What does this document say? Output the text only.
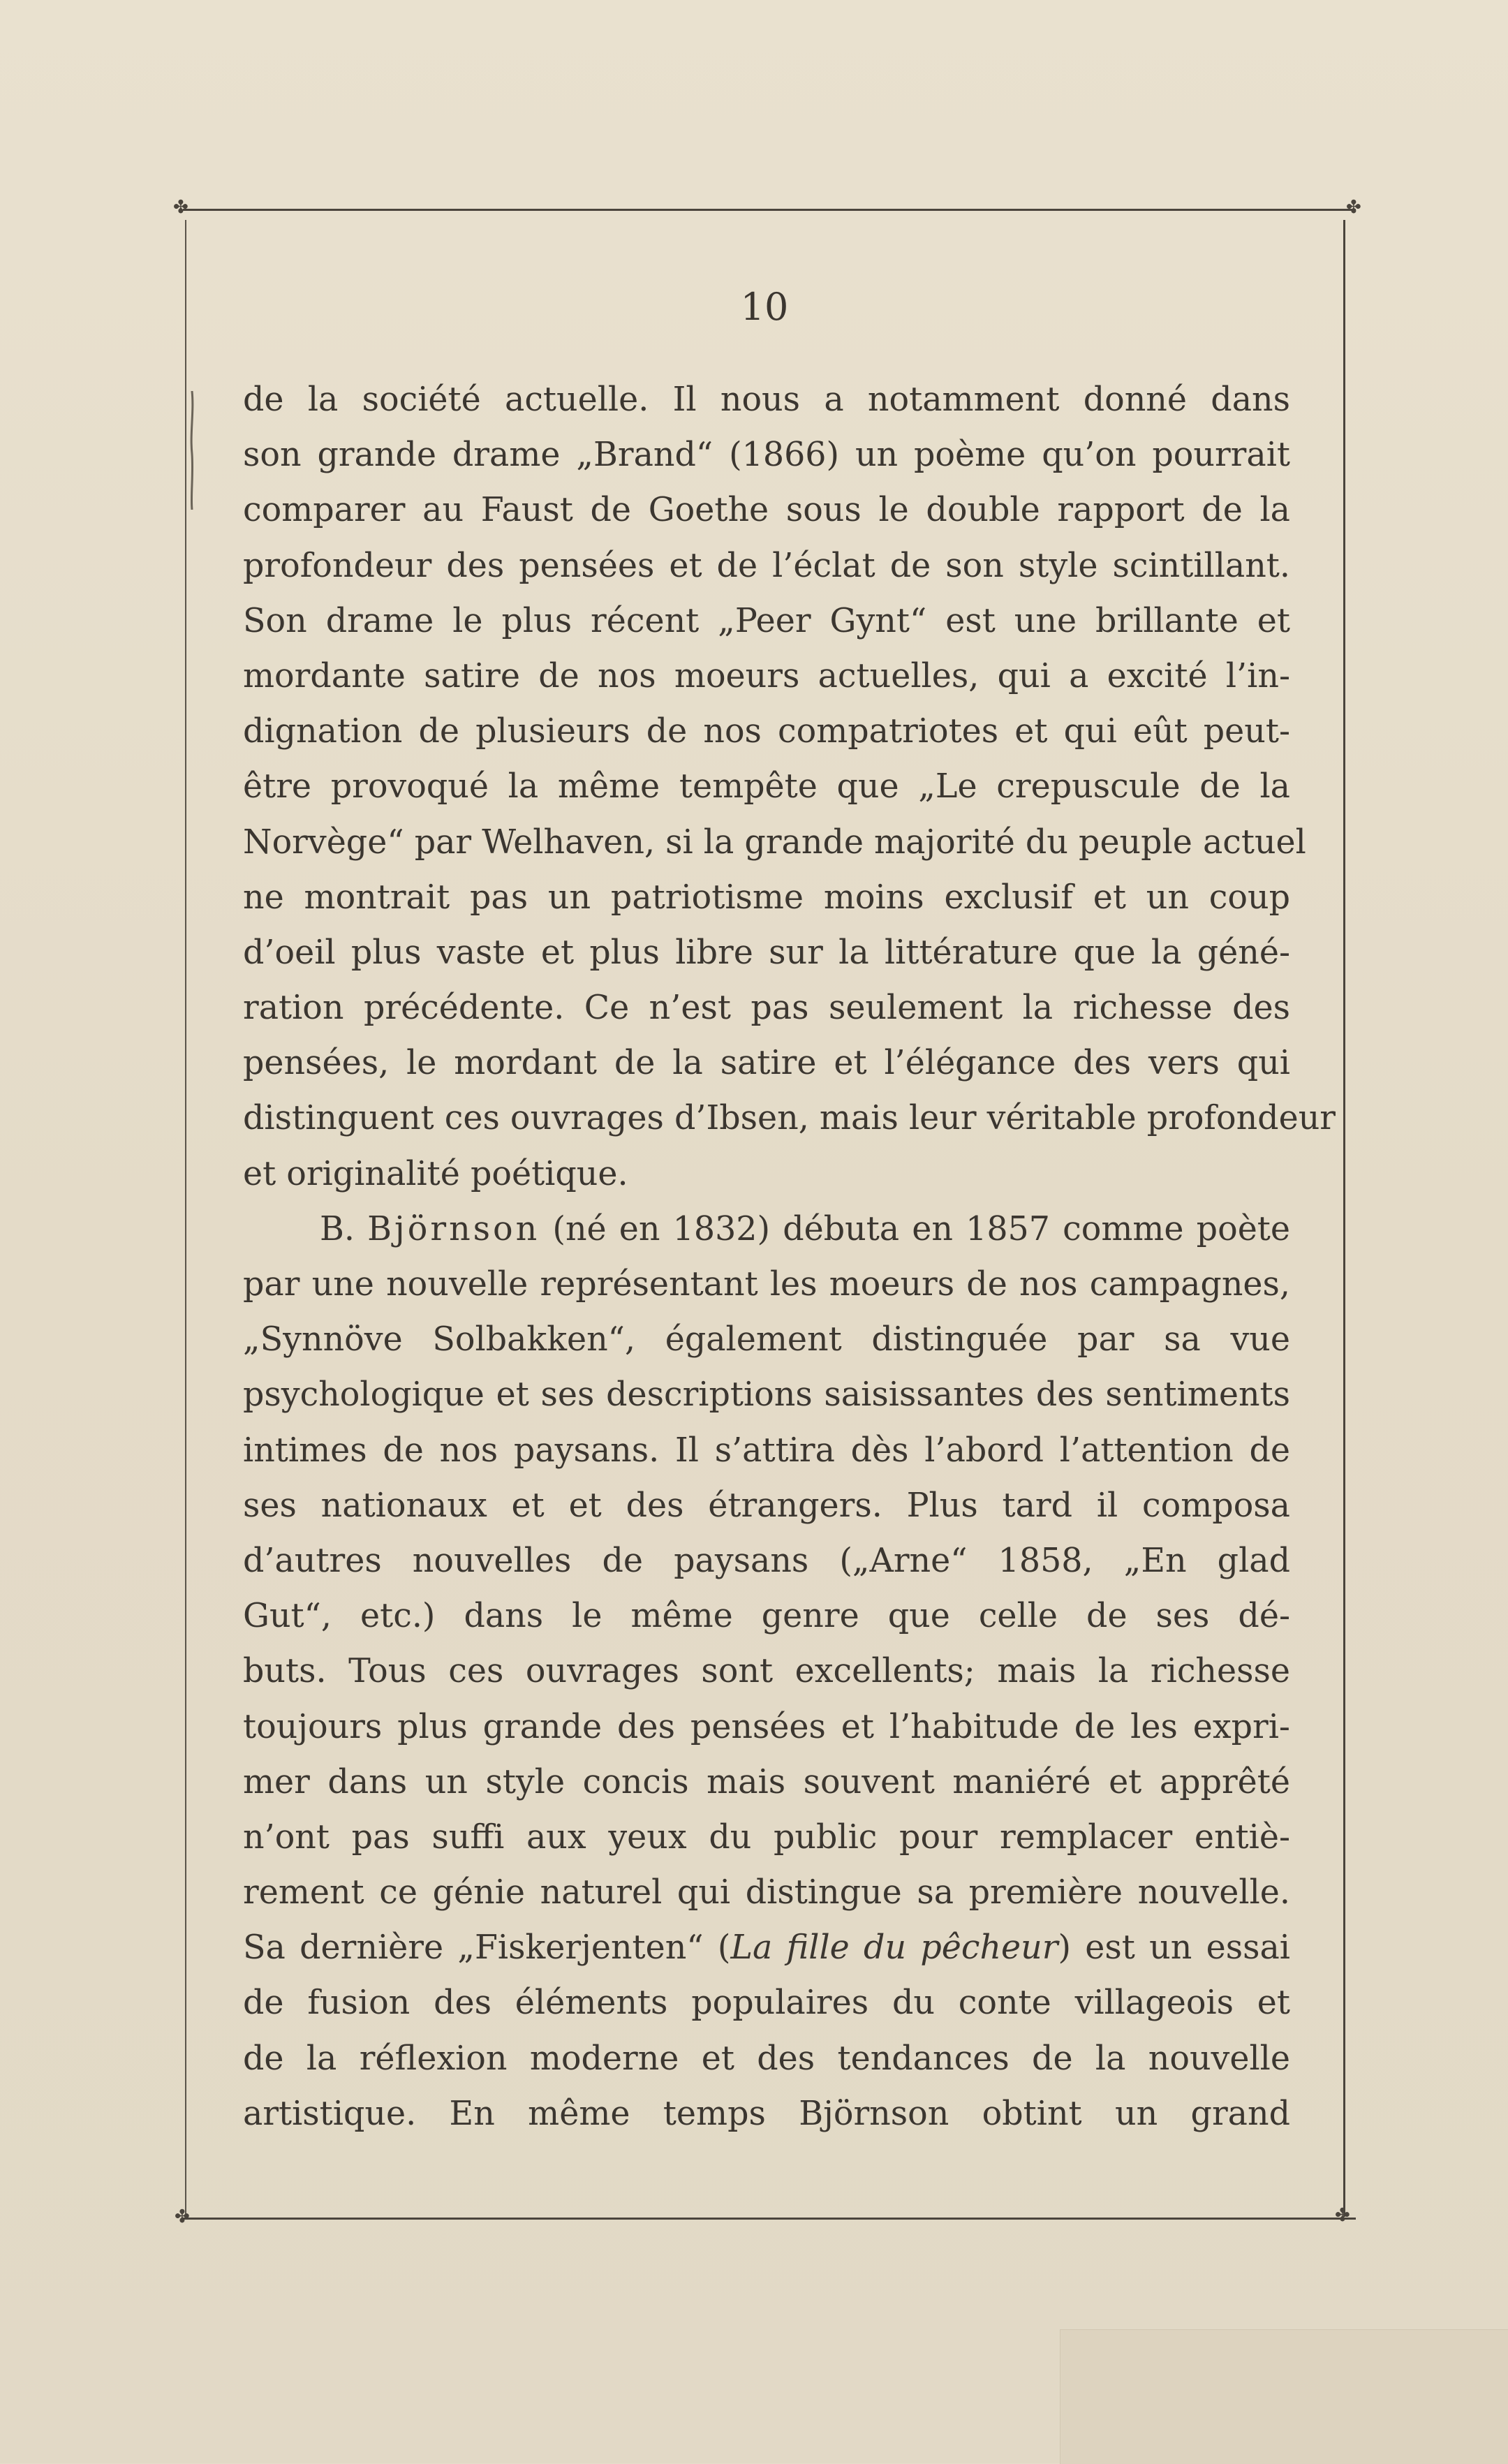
✤	✤
✤	✤
10
de la société actuelle. Il nous a notamment donné dans
son grande drame „Brand“ (1866) un poème qu’on pourrait
comparer au Faust de Goethe sous le double rapport de la
profondeur des pensées et de l’éclat de son style scintillant.
Son drame le plus récent „Peer Gynt“ est une brillante et
mordante satire de nos moeurs actuelles, qui a excité l’in-
dignation de plusieurs de nos compatriotes et qui eût peut-
être provoqué la même tempête que „Le crepuscule de la
Norvège“ par Welhaven, si la grande majorité du peuple actuel
ne montrait pas un patriotisme moins exclusif et un coup
d’oeil plus vaste et plus libre sur la littérature que la géné-
ration précédente. Ce n’est pas seulement la richesse des
pensées, le mordant de la satire et l’élégance des vers qui
distinguent ces ouvrages d’Ibsen, mais leur véritable profondeur
et originalité poétique.
B. Björnson (né en 1832) débuta en 1857 comme poète
par une nouvelle représentant les moeurs de nos campagnes,
„Synnöve Solbakken“, également distinguée par sa vue
psychologique et ses descriptions saisissantes des sentiments
intimes de nos paysans. Il s’attira dès l’abord l’attention de
ses nationaux et et des étrangers. Plus tard il composa
d’autres nouvelles de paysans („Arne“ 1858, „En glad
Gut“, etc.) dans le même genre que celle de ses dé-
buts. Tous ces ouvrages sont excellents; mais la richesse
toujours plus grande des pensées et l’habitude de les expri-
mer dans un style concis mais souvent maniéré et apprêté
n’ont pas suffi aux yeux du public pour remplacer entiè-
rement ce génie naturel qui distingue sa première nouvelle.
Sa dernière „Fiskerjenten“ (La fille du pêcheur) est un essai
de fusion des éléments populaires du conte villageois et
de la réflexion moderne et des tendances de la nouvelle
artistique. En même temps Björnson obtint un grand
